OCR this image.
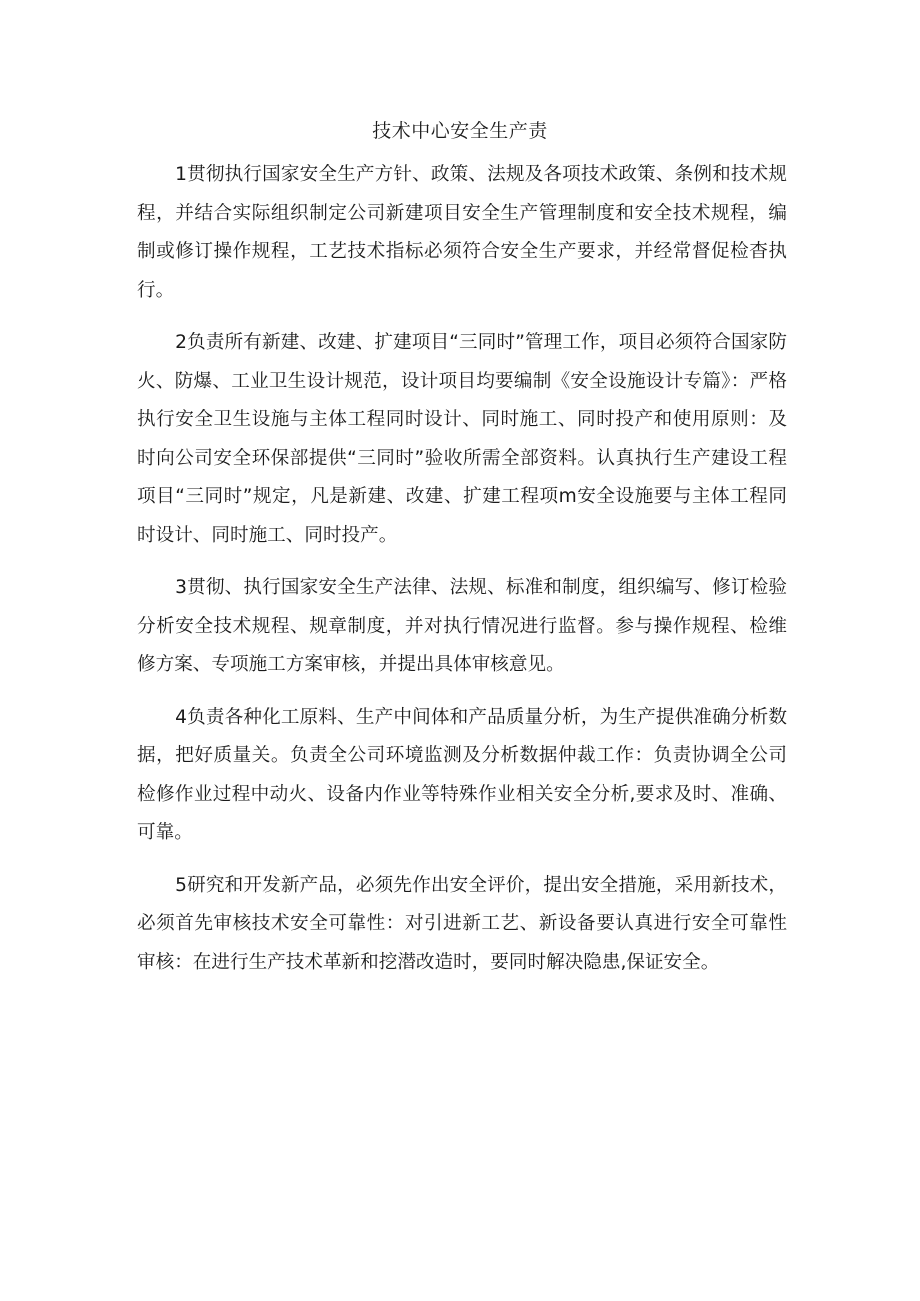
技术中心安全生产责

1贯彻执行国家安全生产方针、政策、法规及各项技术政策、条例和技术规程，并结合实际组织制定公司新建项目安全生产管理制度和安全技术规程，编制或修订操作规程，工艺技术指标必须符合安全生产要求，并经常督促检杳执行。

2负责所有新建、改建、扩建项目“三同时”管理工作，项目必须符合国家防火、防爆、工业卫生设计规范，设计项目均要编制《安全设施设计专篇》：严格执行安全卫生设施与主体工程同时设计、同时施工、同时投产和使用原则：及时向公司安全环保部提供“三同时”验收所需全部资料。认真执行生产建设工程项目“三同时”规定，凡是新建、改建、扩建工程项m安全设施要与主体工程同时设计、同时施工、同时投产。

3贯彻、执行国家安全生产法律、法规、标准和制度，组织编写、修订检验分析安全技术规程、规章制度，并对执行情况进行监督。参与操作规程、检维修方案、专项施工方案审核，并提出具体审核意见。

4负责各种化工原料、生产中间体和产品质量分析，为生产提供准确分析数据，把好质量关。负责全公司环境监测及分析数据仲裁工作：负责协调全公司检修作业过程中动火、设备内作业等特殊作业相关安全分析,要求及时、准确、可靠。

5研究和开发新产品，必须先作出安全评价，提出安全措施，采用新技术，必须首先审核技术安全可靠性：对引进新工艺、新设备要认真进行安全可靠性审核：在进行生产技术革新和挖潜改造时，要同时解决隐患,保证安全。
